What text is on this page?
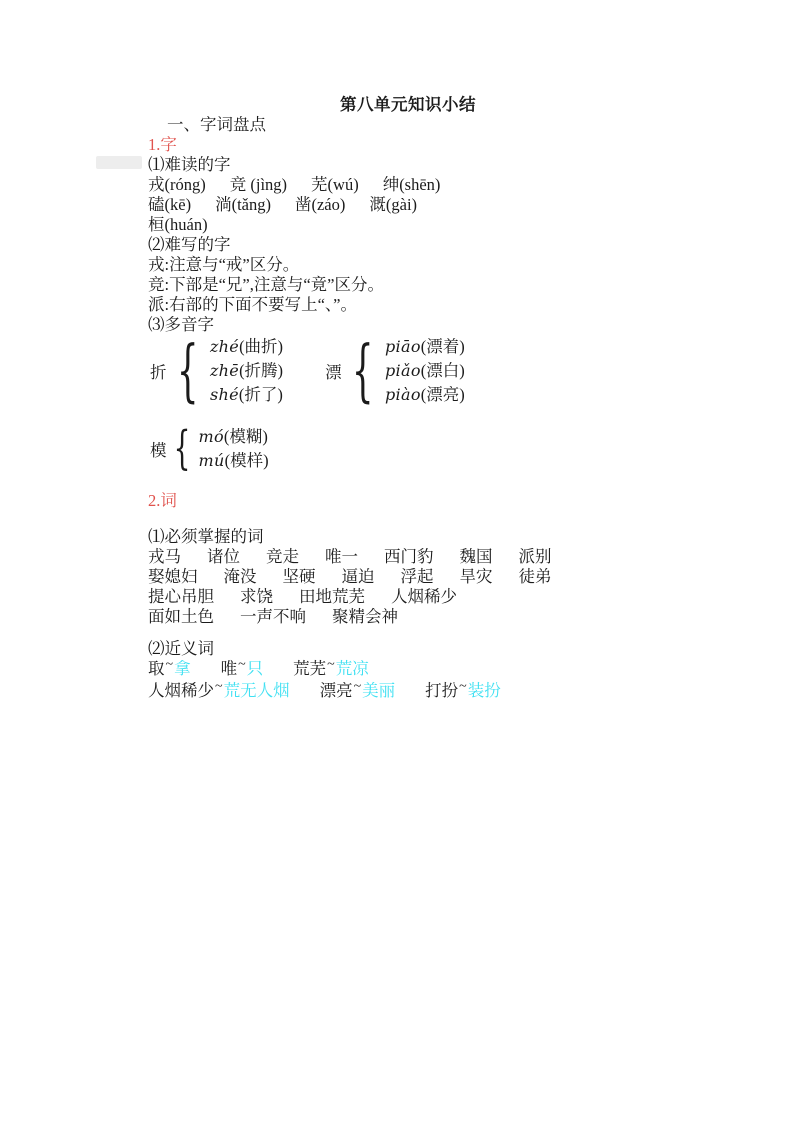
第八单元知识小结

一、字词盘点

1.字

⑴难读的字

戎(róng) 竞 (jìng) 芜(wú) 绅(shēn)

磕(kē) 淌(tǎng) 凿(záo) 溉(gài)

桓(huán)

⑵难写的字

戎:注意与“戒”区分。

竞:下部是“兄”,注意与“竟”区分。

派:右部的下面不要写上“、”。

⑶多音字

折 { zhé(曲折)
zhē(折腾)
shé(折了)
漂 { piāo(漂着)
piǎo(漂白)
piào(漂亮)
模 { mó(模糊)
mú(模样)

2.词

⑴必须掌握的词

戎马 诸位 竞走 唯一 西门豹 魏国 派别

娶媳妇 淹没 坚硬 逼迫 浮起 旱灾 徒弟

提心吊胆 求饶 田地荒芜 人烟稀少

面如土色 一声不响 聚精会神

⑵近义词

取~拿 唯~只 荒芜~荒凉

人烟稀少~荒无人烟 漂亮~美丽 打扮~装扮
